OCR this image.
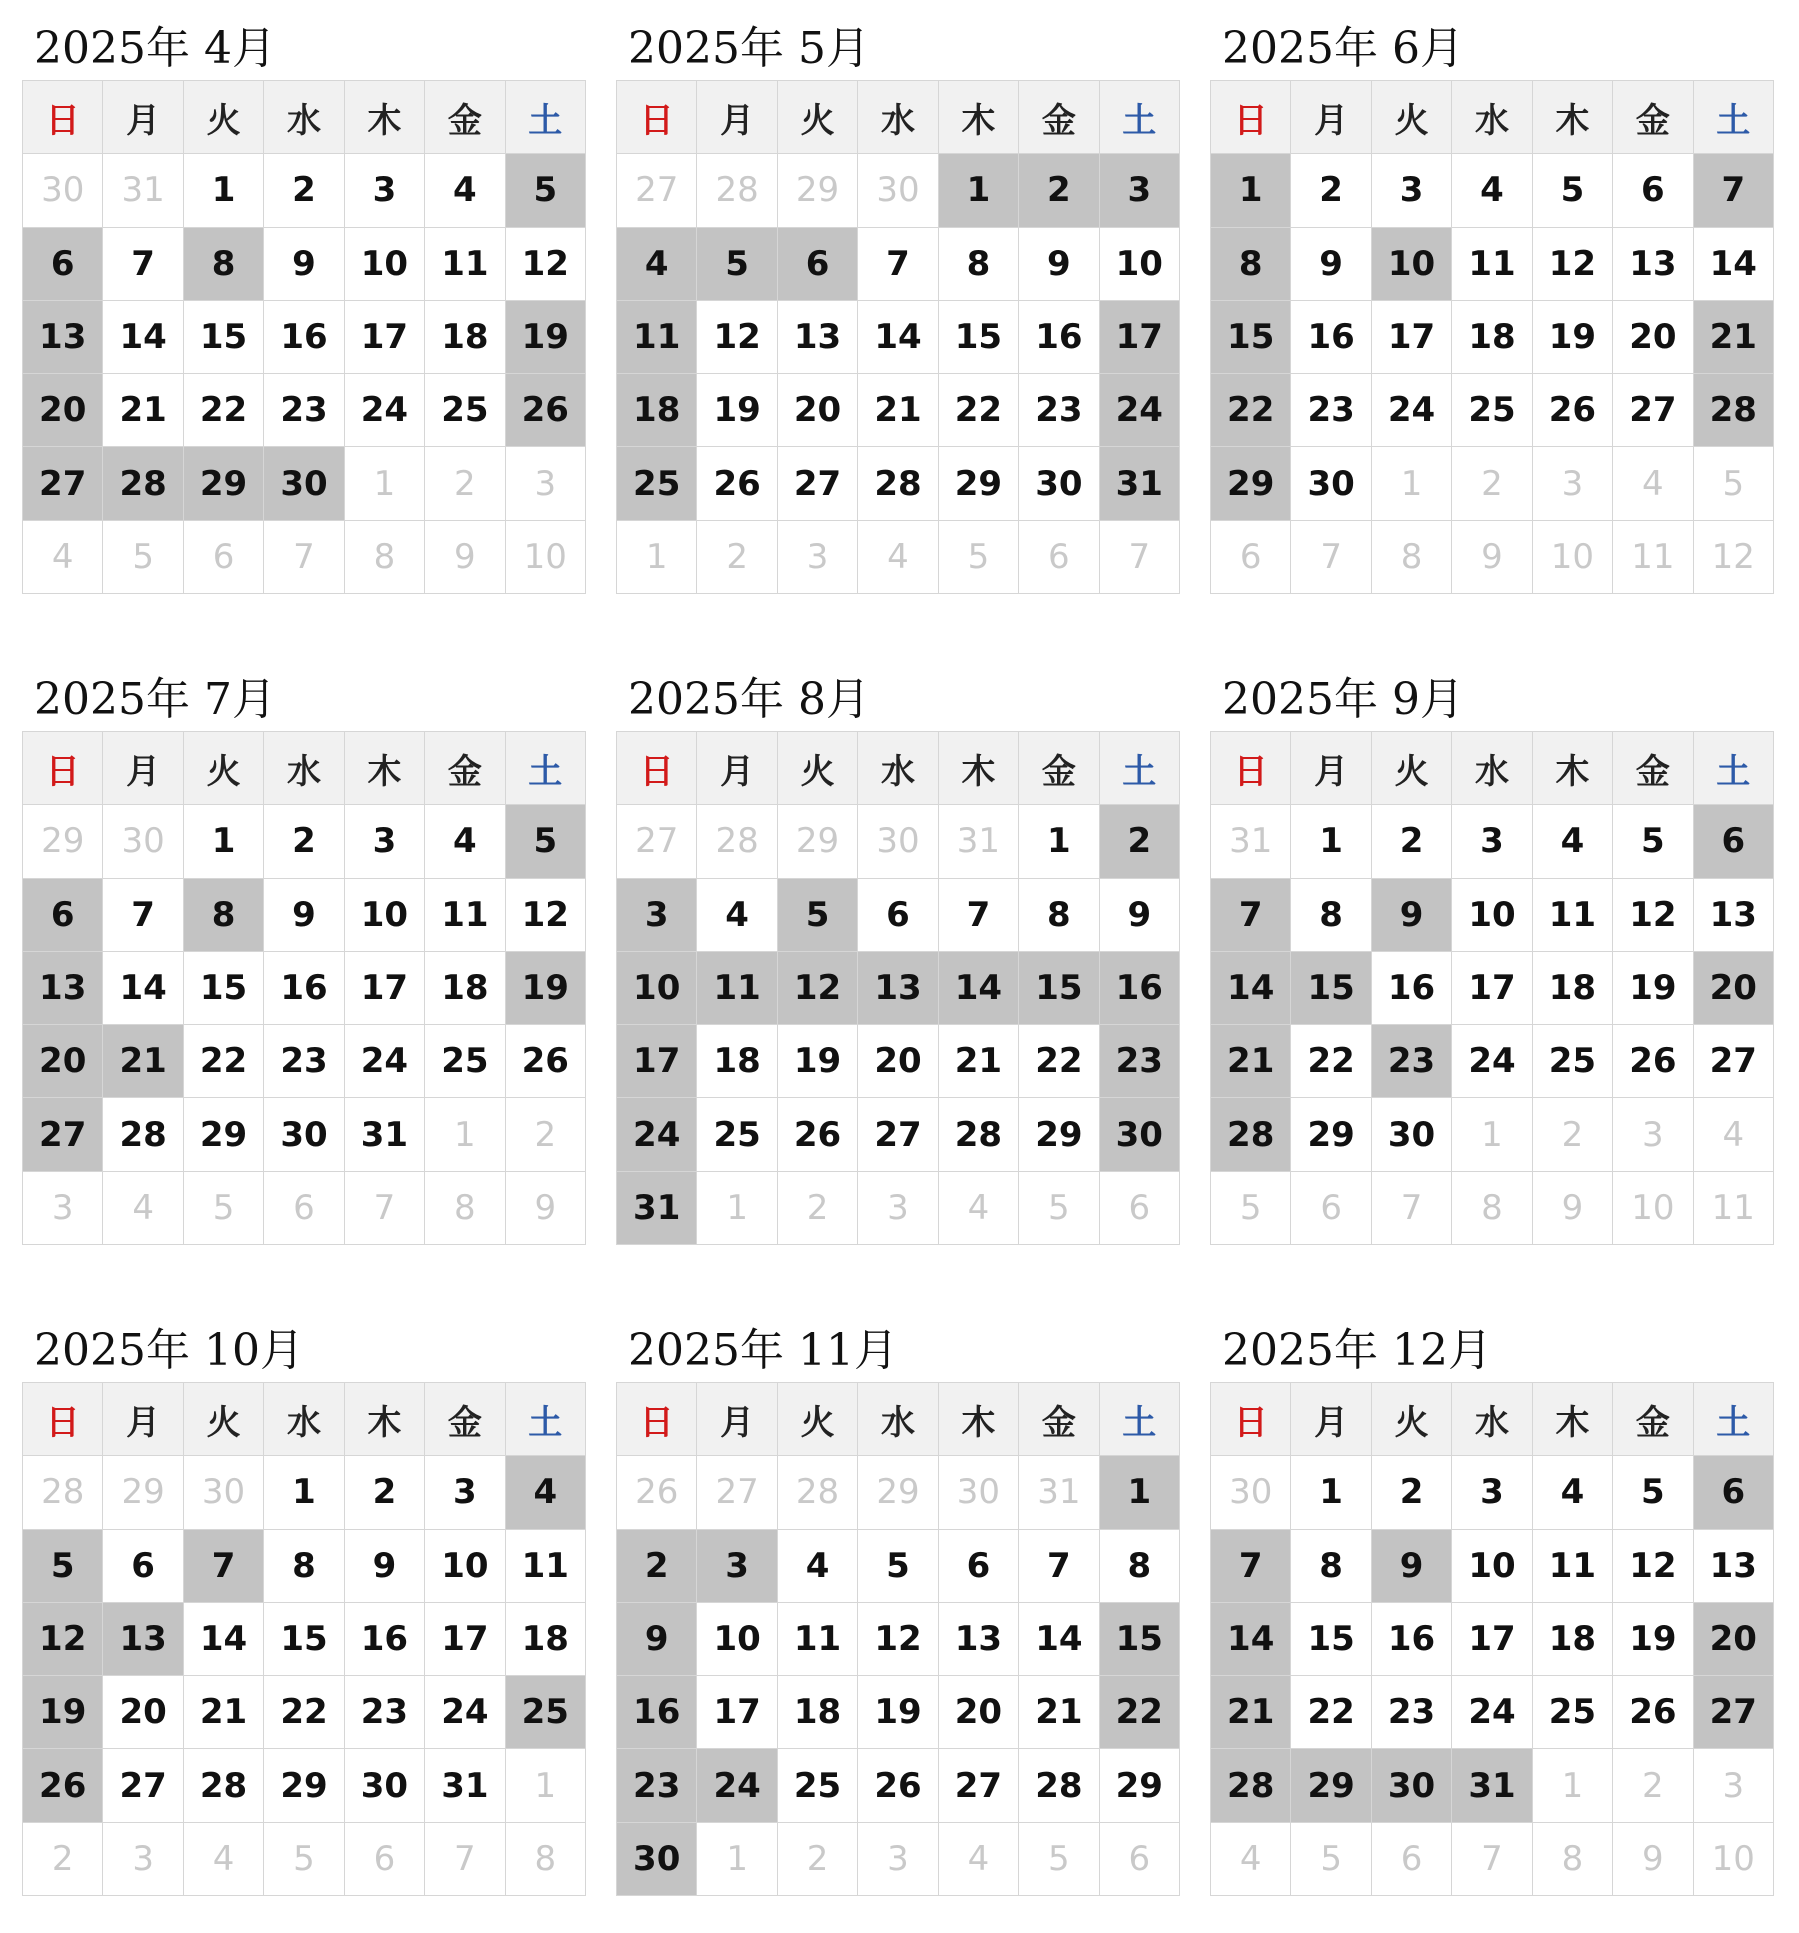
2025年 4月
日	月	火	水	木	金	土
30	31	1	2	3	4	5
6	7	8	9	10 11 12
13 14 15 16 17 18 19
20 21 22 23 24 25 26
27 28 29 30	1	2	3
4	5	6	7	8	9	10
2025年 5月
日	月	火	水	木	金	土
27	28	29	30	1	2	3
4	5	6	7	8	9	10
11 12 13 14 15 16 17
18 19 20 21 22 23 24
25 26 27 28 29 30 31
1	2	3	4	5	6	7
2025年 6月
日	月	火	水	木	金	土
1	2	3	4	5	6	7
8	9	10 11 12 13 14
15 16 17 18 19 20 21
22 23 24 25 26 27 28
29 30	1	2	3	4	5
6	7	8	9	10	11	12
2025年 7月
日	月	火	水	木	金	土
29	30	1	2	3	4	5
6	7	8	9	10 11 12
13 14 15 16 17 18 19
20 21 22 23 24 25 26
27 28 29 30 31	1	2
3	4	5	6	7	8	9
2025年 8月
日	月	火	水	木	金	土
27	28	29	30	31	1	2
3	4	5	6	7	8	9
10 11 12 13 14 15 16
17 18 19 20 21 22 23
24 25 26 27 28 29 30
31	1	2	3	4	5	6
2025年 9月
日	月	火	水	木	金	土
31	1	2	3	4	5	6
7	8	9	10 11 12 13
14 15 16 17 18 19 20
21 22 23 24 25 26 27
28 29 30	1	2	3	4
5	6	7	8	9	10	11
2025年 10月
日	月	火	水	木	金	土
28	29	30	1	2	3	4
5	6	7	8	9	10 11
12 13 14 15 16 17 18
19 20 21 22 23 24 25
26 27 28 29 30 31	1
2	3	4	5	6	7	8
2025年 11月
日	月	火	水	木	金	土
26	27	28	29	30	31	1
2	3	4	5	6	7	8
9	10 11 12 13 14 15
16 17 18 19 20 21 22
23 24 25 26 27 28 29
30	1	2	3	4	5	6
2025年 12月
日	月	火	水	木	金	土
30	1	2	3	4	5	6
7	8	9	10 11 12 13
14 15 16 17 18 19 20
21 22 23 24 25 26 27
28 29 30 31	1	2	3
4	5	6	7	8	9	10
